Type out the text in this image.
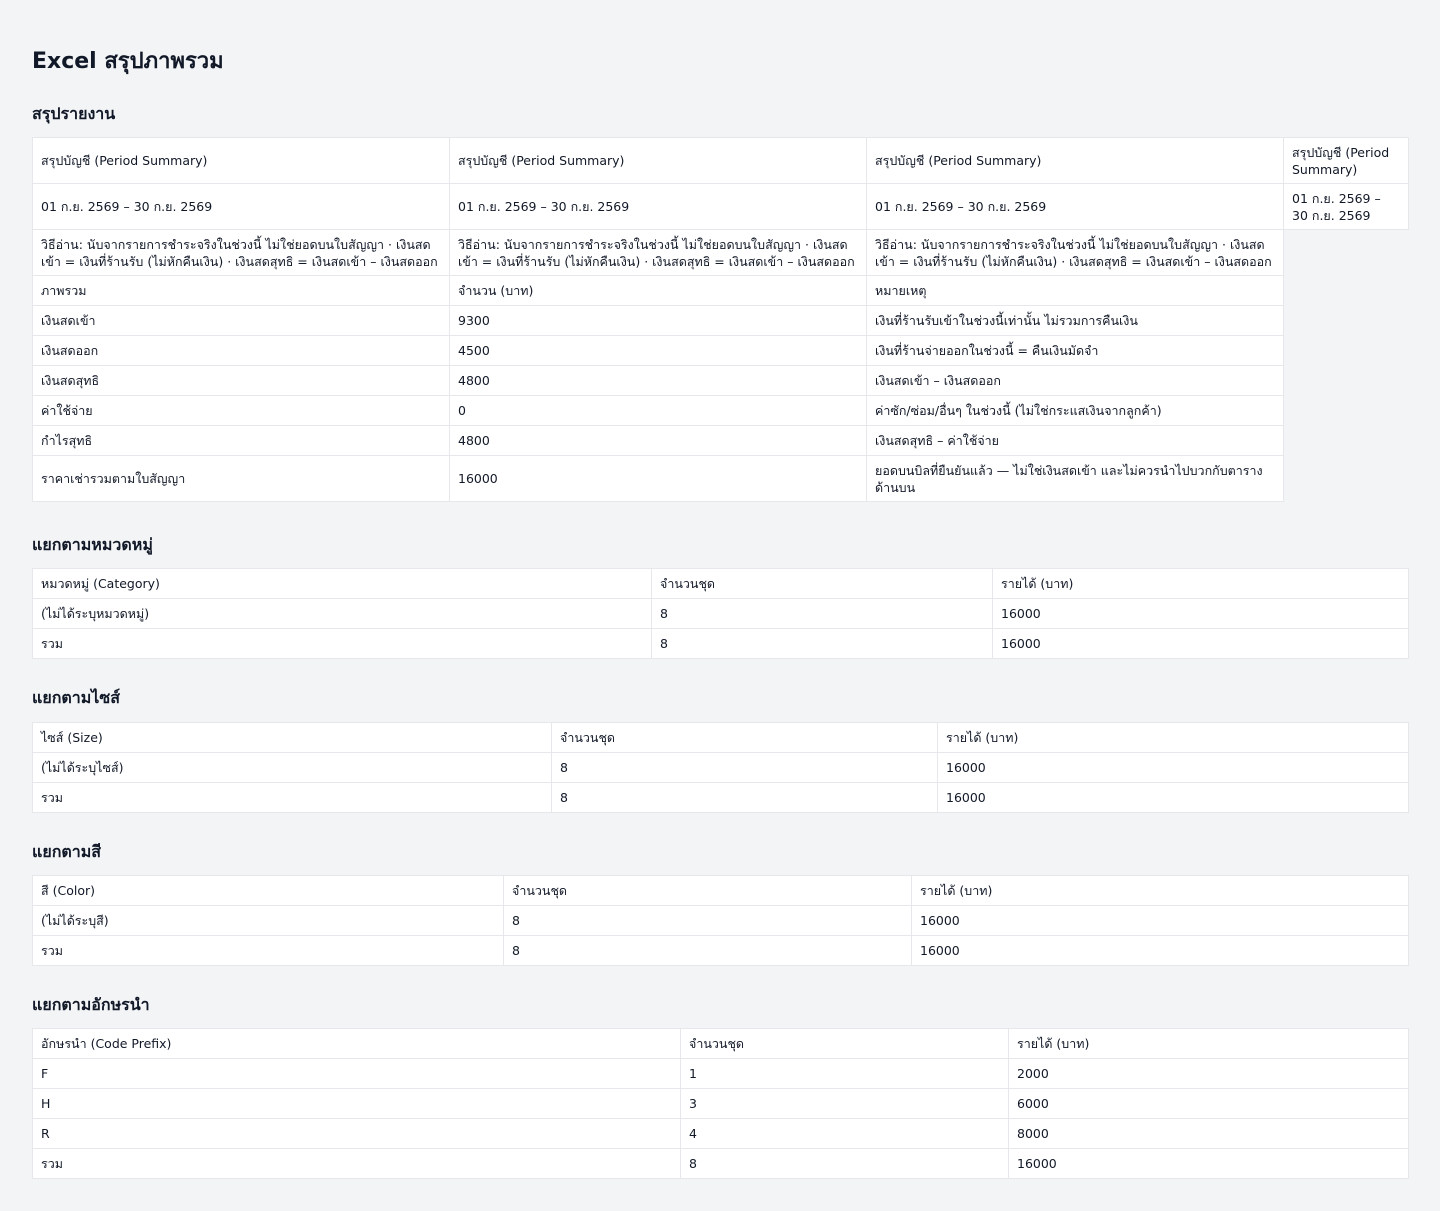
Excel สรุปภาพรวม
สรุปรายงาน
สรุปบัญชี (Period Summary)	สรุปบัญชี (Period Summary)	สรุปบัญชี (Period Summary)	สรุปบัญชี (Period Summary)
01 ก.ย. 2569 – 30 ก.ย. 2569	01 ก.ย. 2569 – 30 ก.ย. 2569	01 ก.ย. 2569 – 30 ก.ย. 2569	01 ก.ย. 2569 – 30 ก.ย. 2569
วิธีอ่าน: นับจากรายการชำระจริงในช่วงนี้ ไม่ใช่ยอดบนใบสัญญา · เงินสดเข้า = เงินที่ร้านรับ (ไม่หักคืนเงิน) · เงินสดสุทธิ = เงินสดเข้า – เงินสดออก	วิธีอ่าน: นับจากรายการชำระจริงในช่วงนี้ ไม่ใช่ยอดบนใบสัญญา · เงินสดเข้า = เงินที่ร้านรับ (ไม่หักคืนเงิน) · เงินสดสุทธิ = เงินสดเข้า – เงินสดออก	วิธีอ่าน: นับจากรายการชำระจริงในช่วงนี้ ไม่ใช่ยอดบนใบสัญญา · เงินสดเข้า = เงินที่ร้านรับ (ไม่หักคืนเงิน) · เงินสดสุทธิ = เงินสดเข้า – เงินสดออก	
ภาพรวม	จำนวน (บาท)	หมายเหตุ	
เงินสดเข้า	9300	เงินที่ร้านรับเข้าในช่วงนี้เท่านั้น ไม่รวมการคืนเงิน	
เงินสดออก	4500	เงินที่ร้านจ่ายออกในช่วงนี้ = คืนเงินมัดจำ	
เงินสดสุทธิ	4800	เงินสดเข้า – เงินสดออก	
ค่าใช้จ่าย	0	ค่าซัก/ซ่อม/อื่นๆ ในช่วงนี้ (ไม่ใช่กระแสเงินจากลูกค้า)	
กำไรสุทธิ	4800	เงินสดสุทธิ – ค่าใช้จ่าย	
ราคาเช่ารวมตามใบสัญญา	16000	ยอดบนบิลที่ยืนยันแล้ว — ไม่ใช่เงินสดเข้า และไม่ควรนำไปบวกกับตารางด้านบน	
แยกตามหมวดหมู่
หมวดหมู่ (Category)	จำนวนชุด	รายได้ (บาท)
(ไม่ได้ระบุหมวดหมู่)	8	16000
รวม	8	16000
แยกตามไซส์
ไซส์ (Size)	จำนวนชุด	รายได้ (บาท)
(ไม่ได้ระบุไซส์)	8	16000
รวม	8	16000
แยกตามสี
สี (Color)	จำนวนชุด	รายได้ (บาท)
(ไม่ได้ระบุสี)	8	16000
รวม	8	16000
แยกตามอักษรนำ
อักษรนำ (Code Prefix)	จำนวนชุด	รายได้ (บาท)
F	1	2000
H	3	6000
R	4	8000
รวม	8	16000
